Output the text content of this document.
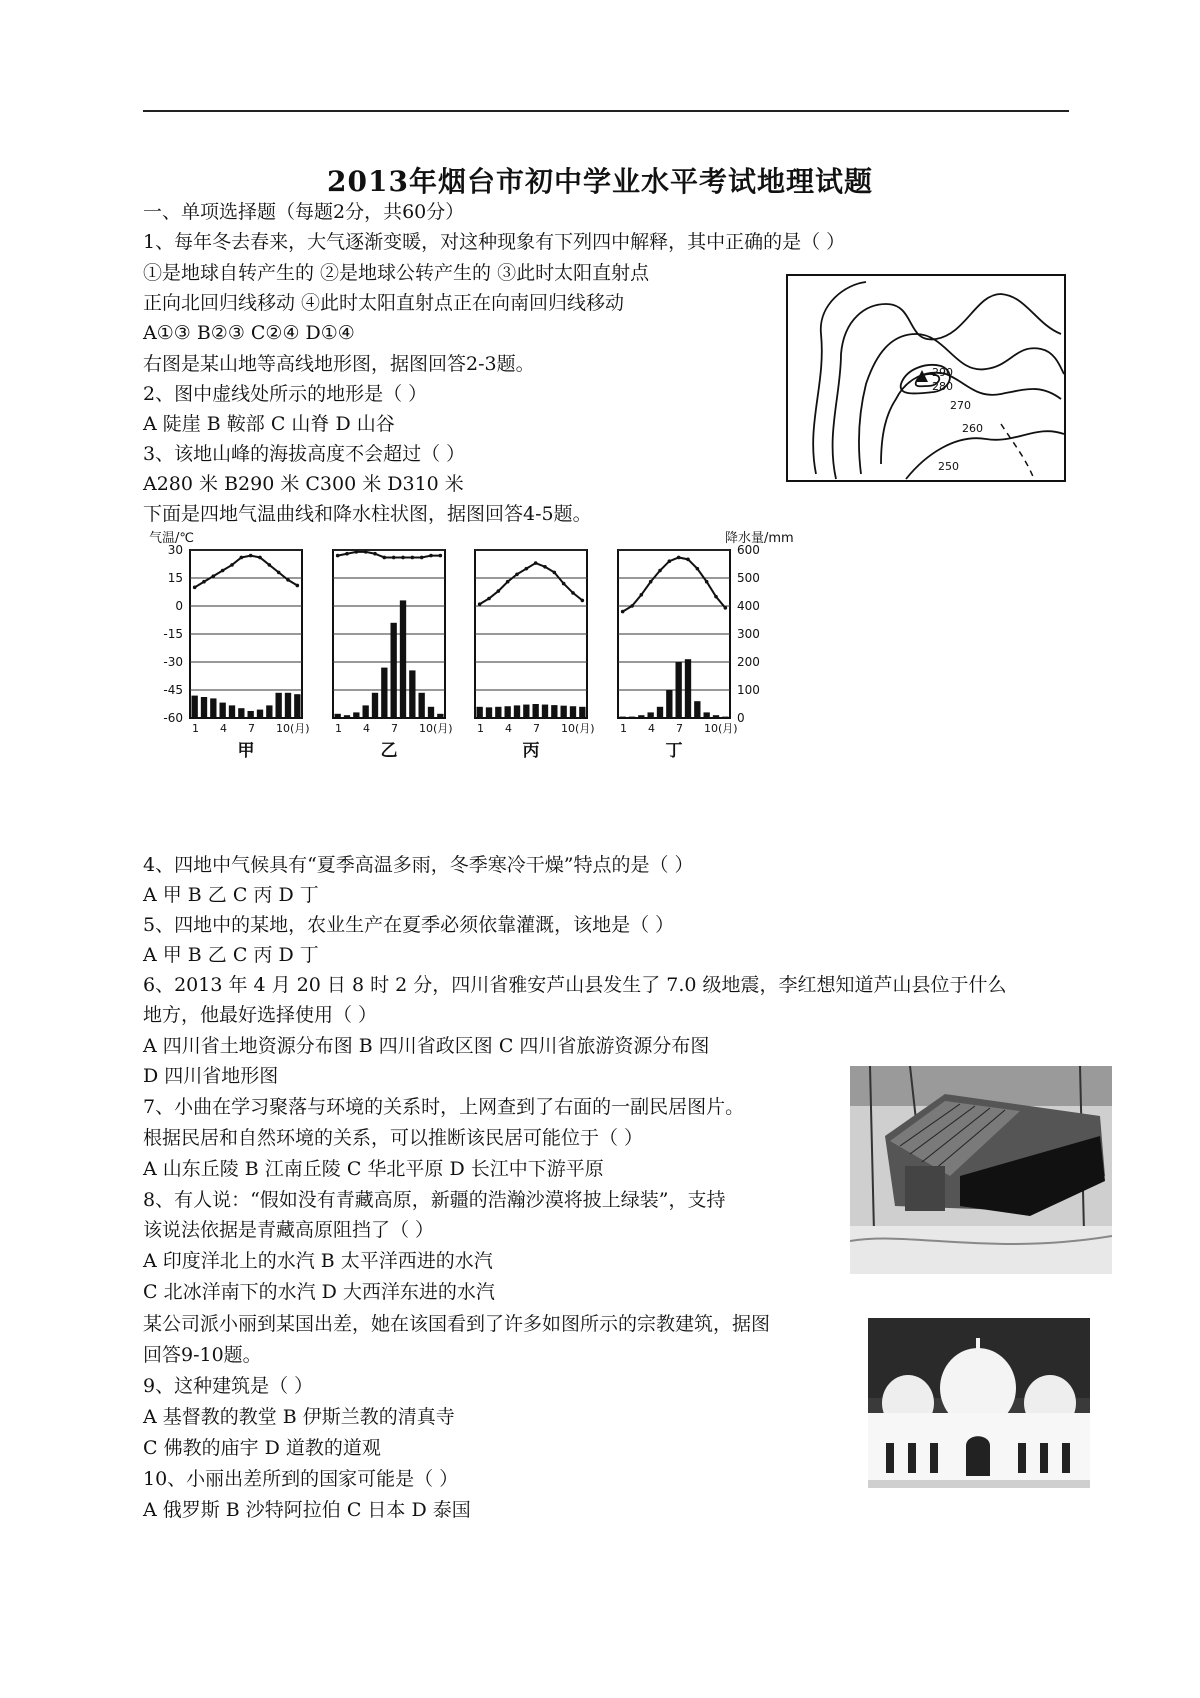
2013年烟台市初中学业水平考试地理试题
一、单项选择题（每题2分，共60分）
1、每年冬去春来，大气逐渐变暖，对这种现象有下列四中解释，其中正确的是（ ）
①是地球自转产生的 ②是地球公转产生的 ③此时太阳直射点
正向北回归线移动 ④此时太阳直射点正在向南回归线移动
A①③ B②③ C②④ D①④
右图是某山地等高线地形图，据图回答2-3题。
2、图中虚线处所示的地形是（ ）
A 陡崖 B 鞍部 C 山脊 D 山谷
3、该地山峰的海拔高度不会超过（ ）
A280 米 B290 米 C300 米 D310 米
下面是四地气温曲线和降水柱状图，据图回答4-5题。
290
280
270
260
250
气温/℃	降水量/mm
30
15
0
-15
-30
-45
-60
600
500
400
300
200
100
0
1 4 7 10(月)
甲
1 4 7 10(月)
乙
1 4 7 10(月)
丙
1 4 7 10(月)
丁
4、四地中气候具有“夏季高温多雨，冬季寒冷干燥”特点的是（ ）
A 甲 B 乙 C 丙 D 丁
5、四地中的某地，农业生产在夏季必须依靠灌溉，该地是（ ）
A 甲 B 乙 C 丙 D 丁
6、2013 年 4 月 20 日 8 时 2 分，四川省雅安芦山县发生了 7.0 级地震，李红想知道芦山县位于什么
地方，他最好选择使用（ ）
A 四川省土地资源分布图 B 四川省政区图 C 四川省旅游资源分布图
D 四川省地形图
7、小曲在学习聚落与环境的关系时，上网查到了右面的一副民居图片。
根据民居和自然环境的关系，可以推断该民居可能位于（ ）
A 山东丘陵 B 江南丘陵 C 华北平原 D 长江中下游平原
8、有人说：“假如没有青藏高原，新疆的浩瀚沙漠将披上绿装”，支持
该说法依据是青藏高原阻挡了（ ）
A 印度洋北上的水汽 B 太平洋西进的水汽
C 北冰洋南下的水汽 D 大西洋东进的水汽
某公司派小丽到某国出差，她在该国看到了许多如图所示的宗教建筑，据图
回答9-10题。
9、这种建筑是（ ）
A 基督教的教堂 B 伊斯兰教的清真寺
C 佛教的庙宇 D 道教的道观
10、小丽出差所到的国家可能是（ ）
A 俄罗斯 B 沙特阿拉伯 C 日本 D 泰国
